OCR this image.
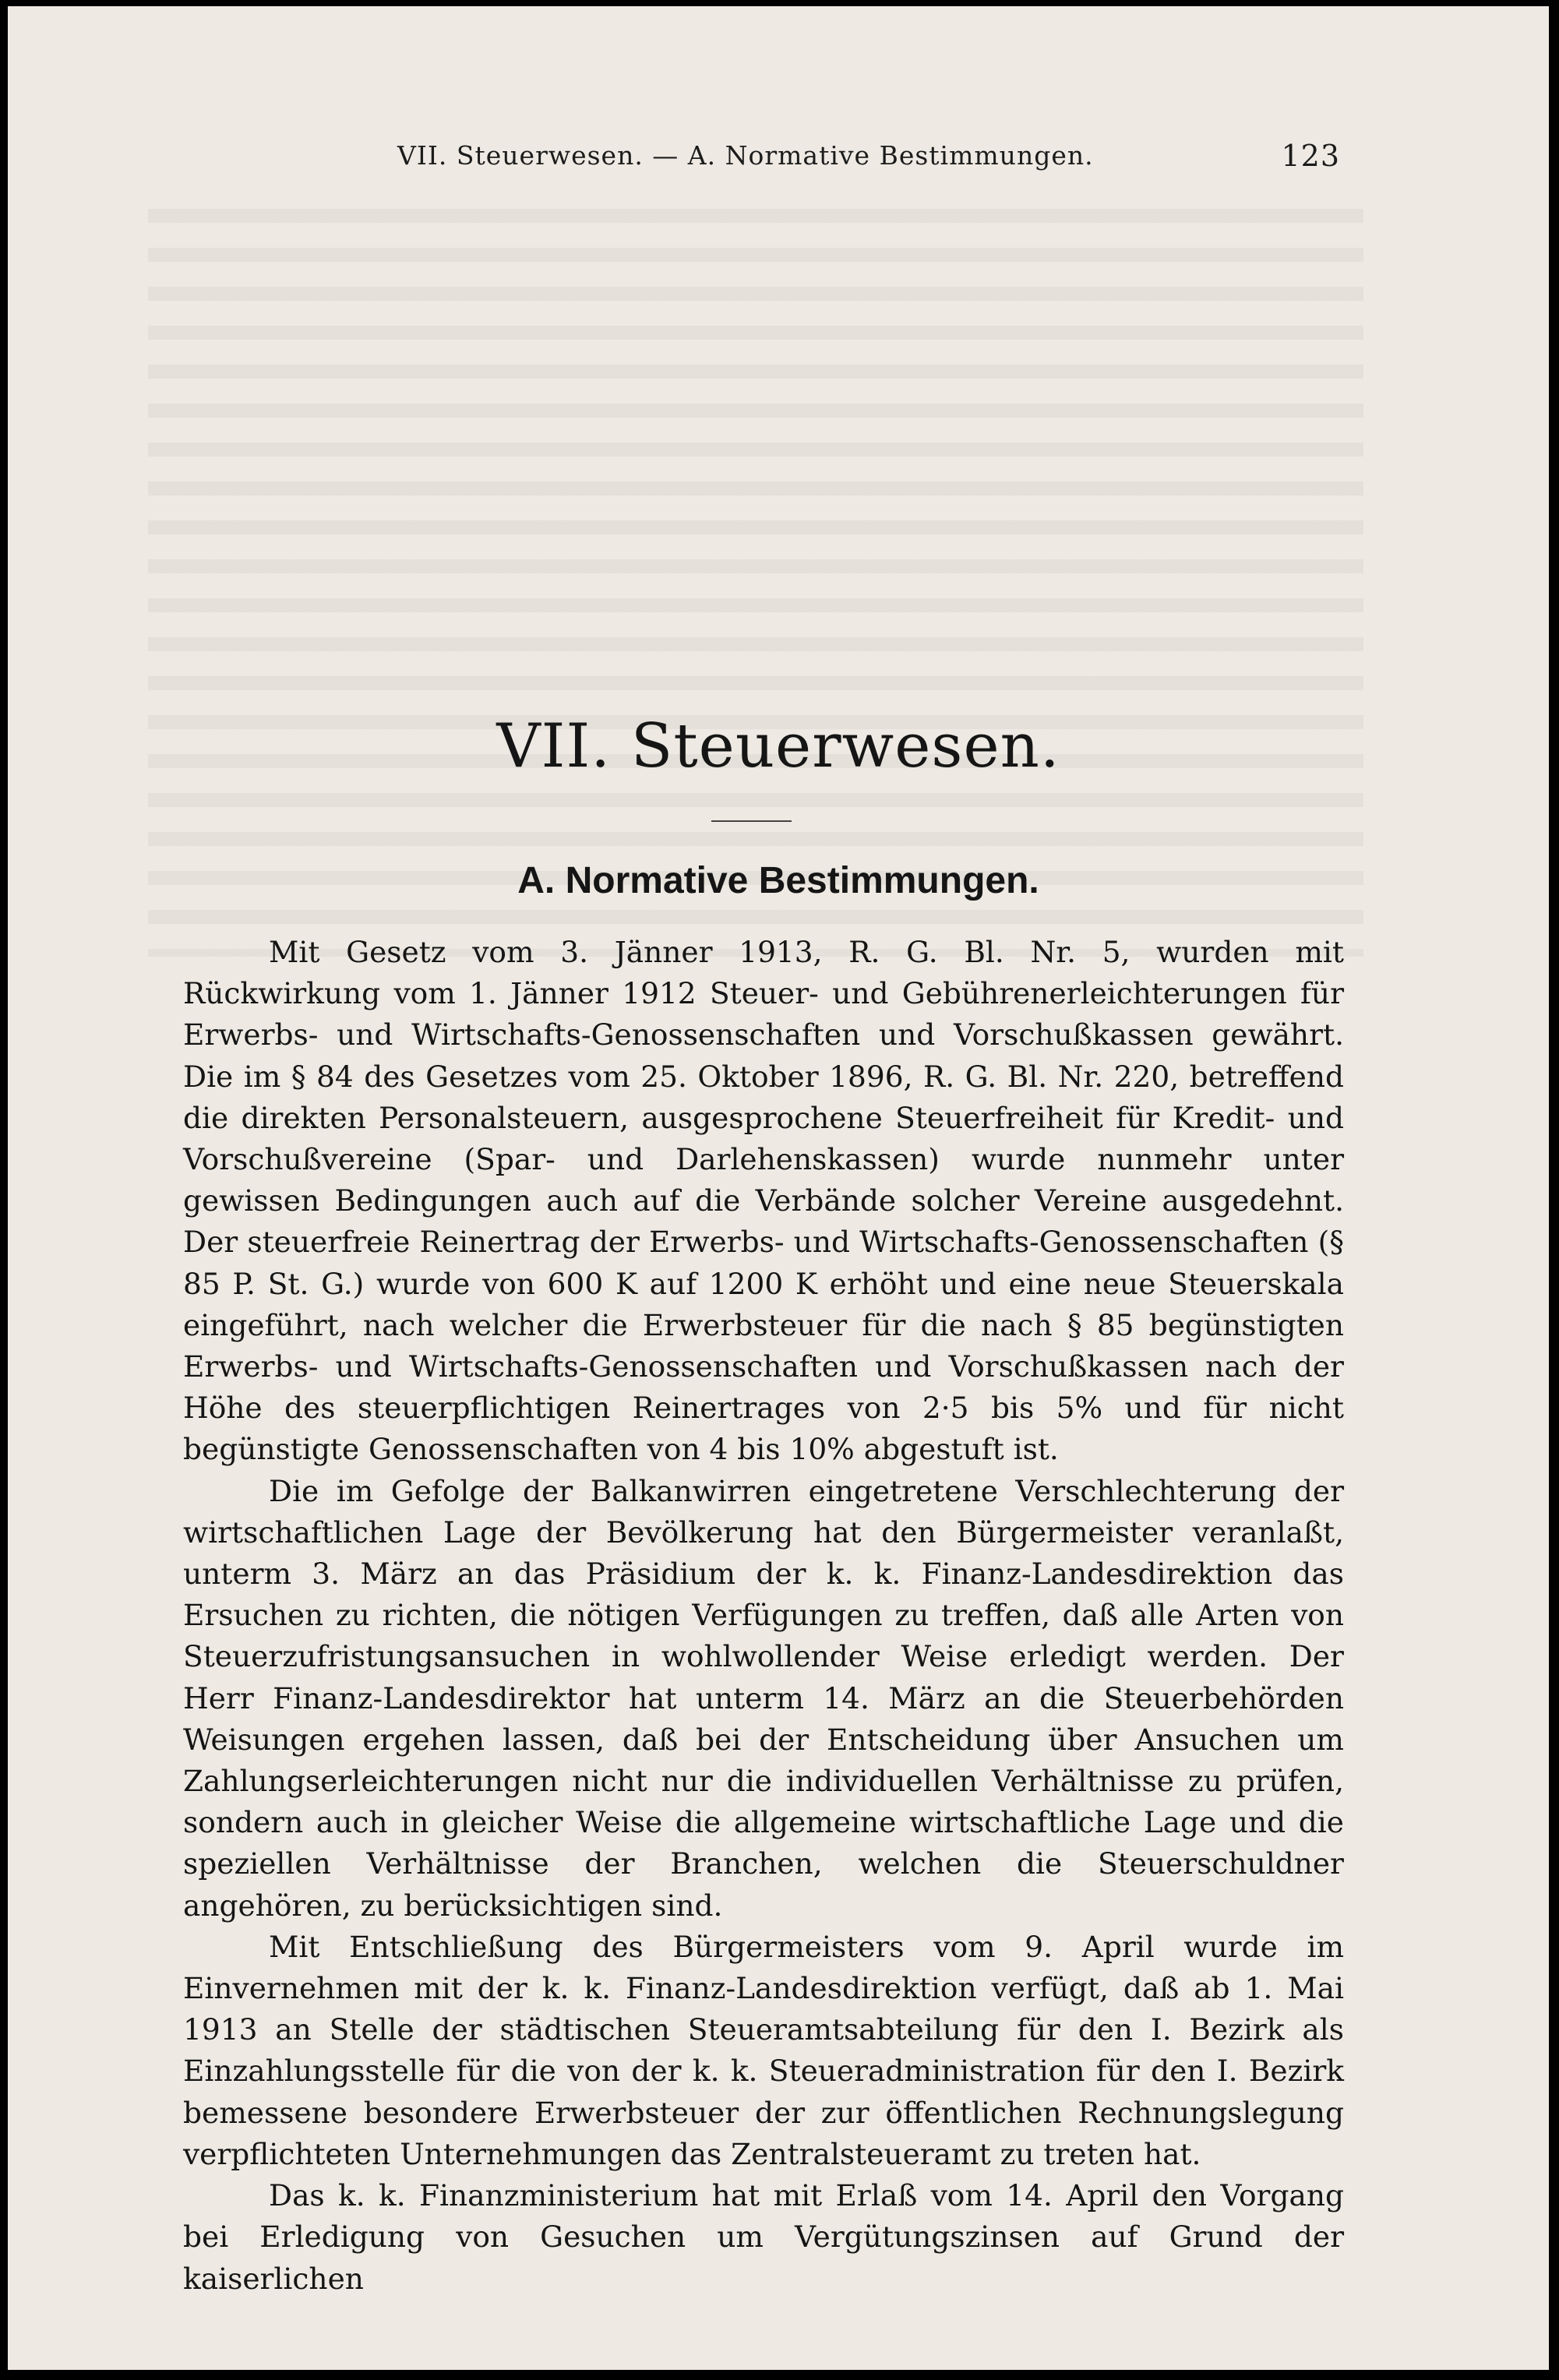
VII. Steuerwesen. — A. Normative Bestimmungen.	123
VII. Steuerwesen.
A. Normative Bestimmungen.

Mit Gesetz vom 3. Jänner 1913, R. G. Bl. Nr. 5, wurden mit Rückwirkung vom 1. Jänner 1912 Steuer- und Gebührenerleichterungen für Erwerbs- und Wirtschafts-Genossenschaften und Vorschußkassen gewährt. Die im § 84 des Gesetzes vom 25. Oktober 1896, R. G. Bl. Nr. 220, betreffend die direkten Personalsteuern, ausgesprochene Steuerfreiheit für Kredit- und Vorschußvereine (Spar- und Darlehenskassen) wurde nunmehr unter gewissen Bedingungen auch auf die Verbände solcher Vereine ausgedehnt. Der steuerfreie Reinertrag der Erwerbs- und Wirtschafts-Genossenschaften (§ 85 P. St. G.) wurde von 600 K auf 1200 K erhöht und eine neue Steuerskala eingeführt, nach welcher die Erwerbsteuer für die nach § 85 begünstigten Erwerbs- und Wirtschafts-Genossenschaften und Vorschußkassen nach der Höhe des steuerpflichtigen Reinertrages von 2·5 bis 5% und für nicht begünstigte Genossenschaften von 4 bis 10% abgestuft ist.

Die im Gefolge der Balkanwirren eingetretene Verschlechterung der wirtschaftlichen Lage der Bevölkerung hat den Bürgermeister veranlaßt, unterm 3. März an das Präsidium der k. k. Finanz-Landesdirektion das Ersuchen zu richten, die nötigen Verfügungen zu treffen, daß alle Arten von Steuerzufristungsansuchen in wohlwollender Weise erledigt werden. Der Herr Finanz-Landesdirektor hat unterm 14. März an die Steuerbehörden Weisungen ergehen lassen, daß bei der Entscheidung über Ansuchen um Zahlungserleichterungen nicht nur die individuellen Verhältnisse zu prüfen, sondern auch in gleicher Weise die allgemeine wirtschaftliche Lage und die speziellen Verhältnisse der Branchen, welchen die Steuerschuldner angehören, zu berücksichtigen sind.

Mit Entschließung des Bürgermeisters vom 9. April wurde im Einvernehmen mit der k. k. Finanz-Landesdirektion verfügt, daß ab 1. Mai 1913 an Stelle der städtischen Steueramtsabteilung für den I. Bezirk als Einzahlungsstelle für die von der k. k. Steueradministration für den I. Bezirk bemessene besondere Erwerbsteuer der zur öffentlichen Rechnungslegung verpflichteten Unternehmungen das Zentralsteueramt zu treten hat.

Das k. k. Finanzministerium hat mit Erlaß vom 14. April den Vorgang bei Erledigung von Gesuchen um Vergütungszinsen auf Grund der kaiserlichen
